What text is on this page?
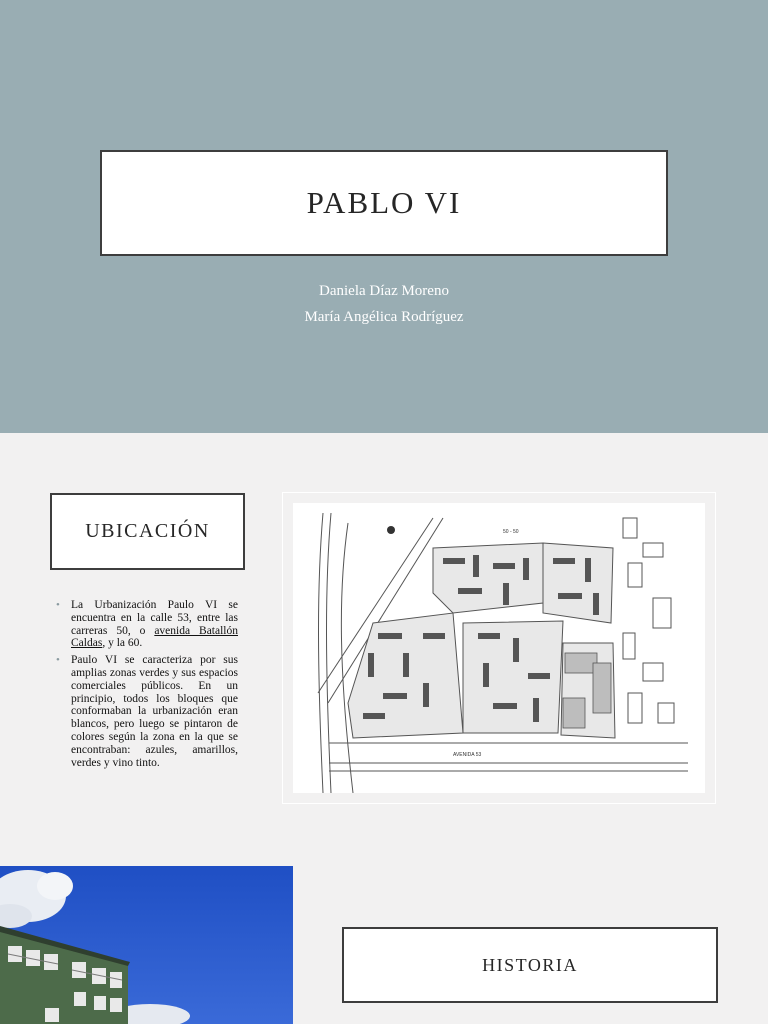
PABLO VI
Daniela Díaz Moreno
María Angélica Rodríguez
UBICACIÓN
• La Urbanización Paulo VI se encuentra en la calle 53, entre las carreras 50, o avenida Batallón Caldas, y la 60.
• Paulo VI se caracteriza por sus amplias zonas verdes y sus espacios comerciales públicos. En un principio, todos los bloques que conformaban la urbanización eran blancos, pero luego se pintaron de colores según la zona en la que se encontraban: azules, amarillos, verdes y vino tinto.
50 - 50
AVENIDA 53
HISTORIA
